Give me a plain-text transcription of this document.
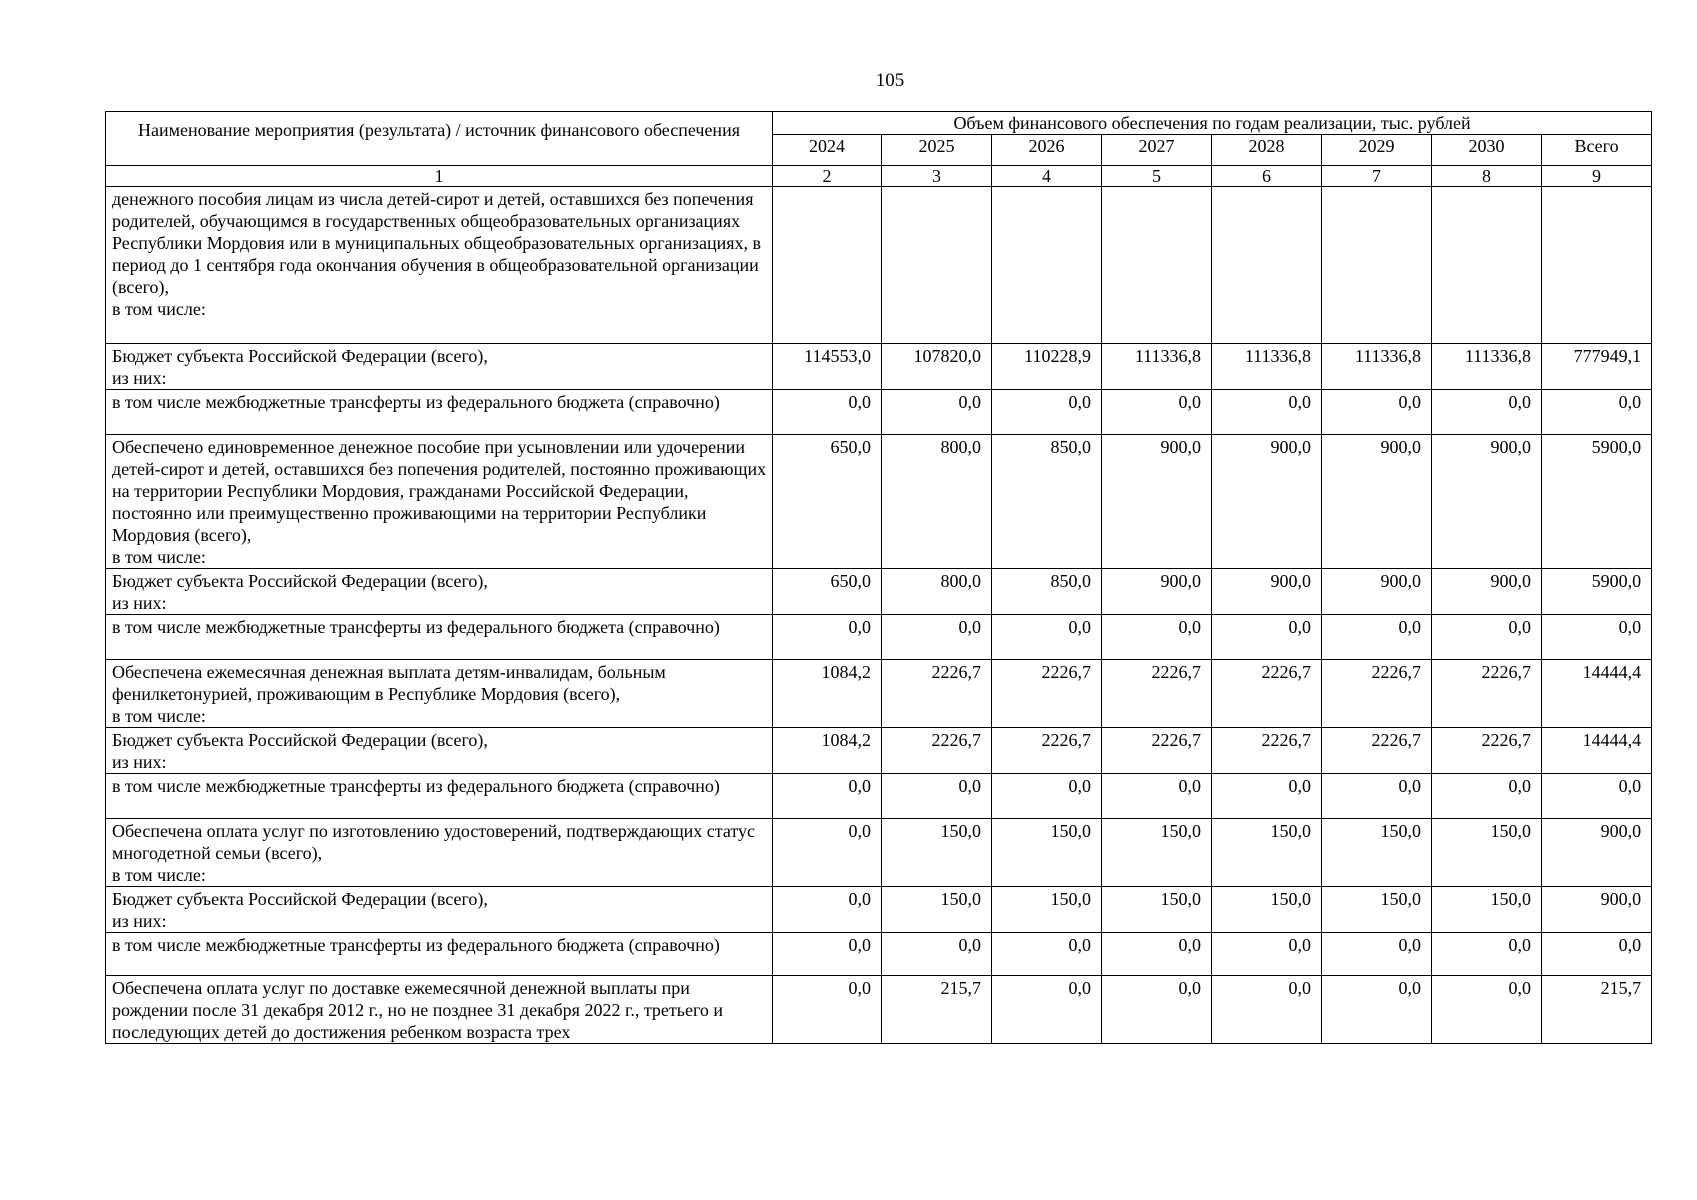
105
Наименование мероприятия (результата) / источник финансового обеспечения	Объем финансового обеспечения по годам реализации, тыс. рублей							
	2024	2025	2026	2027	2028	2029	2030	Всего
1	2	3	4	5	6	7	8	9
денежного пособия лицам из числа детей-сирот и детей, оставшихся без попечения родителей, обучающимся в государственных общеобразовательных организациях Республики Мордовия или в муниципальных общеобразовательных организациях, в период до 1 сентября года окончания обучения в общеобразовательной организации (всего),
в том числе:								
Бюджет субъекта Российской Федерации (всего),
из них:	114553,0	107820,0	110228,9	111336,8	111336,8	111336,8	111336,8	777949,1
в том числе межбюджетные трансферты из федерального бюджета (справочно)	0,0	0,0	0,0	0,0	0,0	0,0	0,0	0,0
Обеспечено единовременное денежное пособие при усыновлении или удочерении детей-сирот и детей, оставшихся без попечения родителей, постоянно проживающих на территории Республики Мордовия, гражданами Российской Федерации, постоянно или преимущественно проживающими на территории Республики Мордовия (всего),
в том числе:	650,0	800,0	850,0	900,0	900,0	900,0	900,0	5900,0
Бюджет субъекта Российской Федерации (всего),
из них:	650,0	800,0	850,0	900,0	900,0	900,0	900,0	5900,0
в том числе межбюджетные трансферты из федерального бюджета (справочно)	0,0	0,0	0,0	0,0	0,0	0,0	0,0	0,0
Обеспечена ежемесячная денежная выплата детям-инвалидам, больным фенилкетонурией, проживающим в Республике Мордовия (всего),
в том числе:	1084,2	2226,7	2226,7	2226,7	2226,7	2226,7	2226,7	14444,4
Бюджет субъекта Российской Федерации (всего),
из них:	1084,2	2226,7	2226,7	2226,7	2226,7	2226,7	2226,7	14444,4
в том числе межбюджетные трансферты из федерального бюджета (справочно)	0,0	0,0	0,0	0,0	0,0	0,0	0,0	0,0
Обеспечена оплата услуг по изготовлению удостоверений, подтверждающих статус многодетной семьи (всего),
в том числе:	0,0	150,0	150,0	150,0	150,0	150,0	150,0	900,0
Бюджет субъекта Российской Федерации (всего),
из них:	0,0	150,0	150,0	150,0	150,0	150,0	150,0	900,0
в том числе межбюджетные трансферты из федерального бюджета (справочно)	0,0	0,0	0,0	0,0	0,0	0,0	0,0	0,0
Обеспечена оплата услуг по доставке ежемесячной денежной выплаты при рождении после 31 декабря 2012 г., но не позднее 31 декабря 2022 г., третьего и последующих детей до достижения ребенком возраста трех	0,0	215,7	0,0	0,0	0,0	0,0	0,0	215,7
